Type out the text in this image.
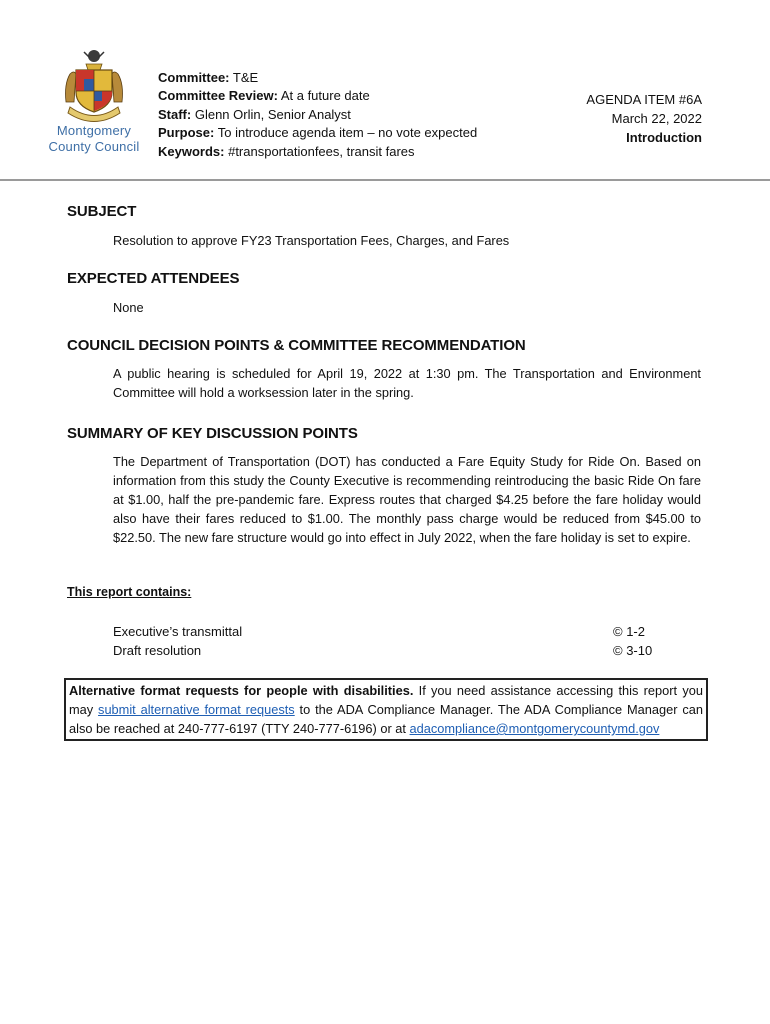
Montgomery
County Council
Committee: T&E
Committee Review: At a future date
Staff: Glenn Orlin, Senior Analyst
Purpose: To introduce agenda item – no vote expected
Keywords: #transportationfees, transit fares
AGENDA ITEM #6A
March 22, 2022
Introduction
SUBJECT
Resolution to approve FY23 Transportation Fees, Charges, and Fares
EXPECTED ATTENDEES
None
COUNCIL DECISION POINTS & COMMITTEE RECOMMENDATION
A public hearing is scheduled for April 19, 2022 at 1:30 pm. The Transportation and Environment Committee will hold a worksession later in the spring.
SUMMARY OF KEY DISCUSSION POINTS
The Department of Transportation (DOT) has conducted a Fare Equity Study for Ride On. Based on information from this study the County Executive is recommending reintroducing the basic Ride On fare at $1.00, half the pre-pandemic fare. Express routes that charged $4.25 before the fare holiday would also have their fares reduced to $1.00. The monthly pass charge would be reduced from $45.00 to $22.50. The new fare structure would go into effect in July 2022, when the fare holiday is set to expire.
This report contains:
Executive’s transmittal	© 1-2
Draft resolution	© 3-10
Alternative format requests for people with disabilities. If you need assistance accessing this report you may submit alternative format requests to the ADA Compliance Manager. The ADA Compliance Manager can also be reached at 240-777-6197 (TTY 240-777-6196) or at adacompliance@montgomerycountymd.gov
